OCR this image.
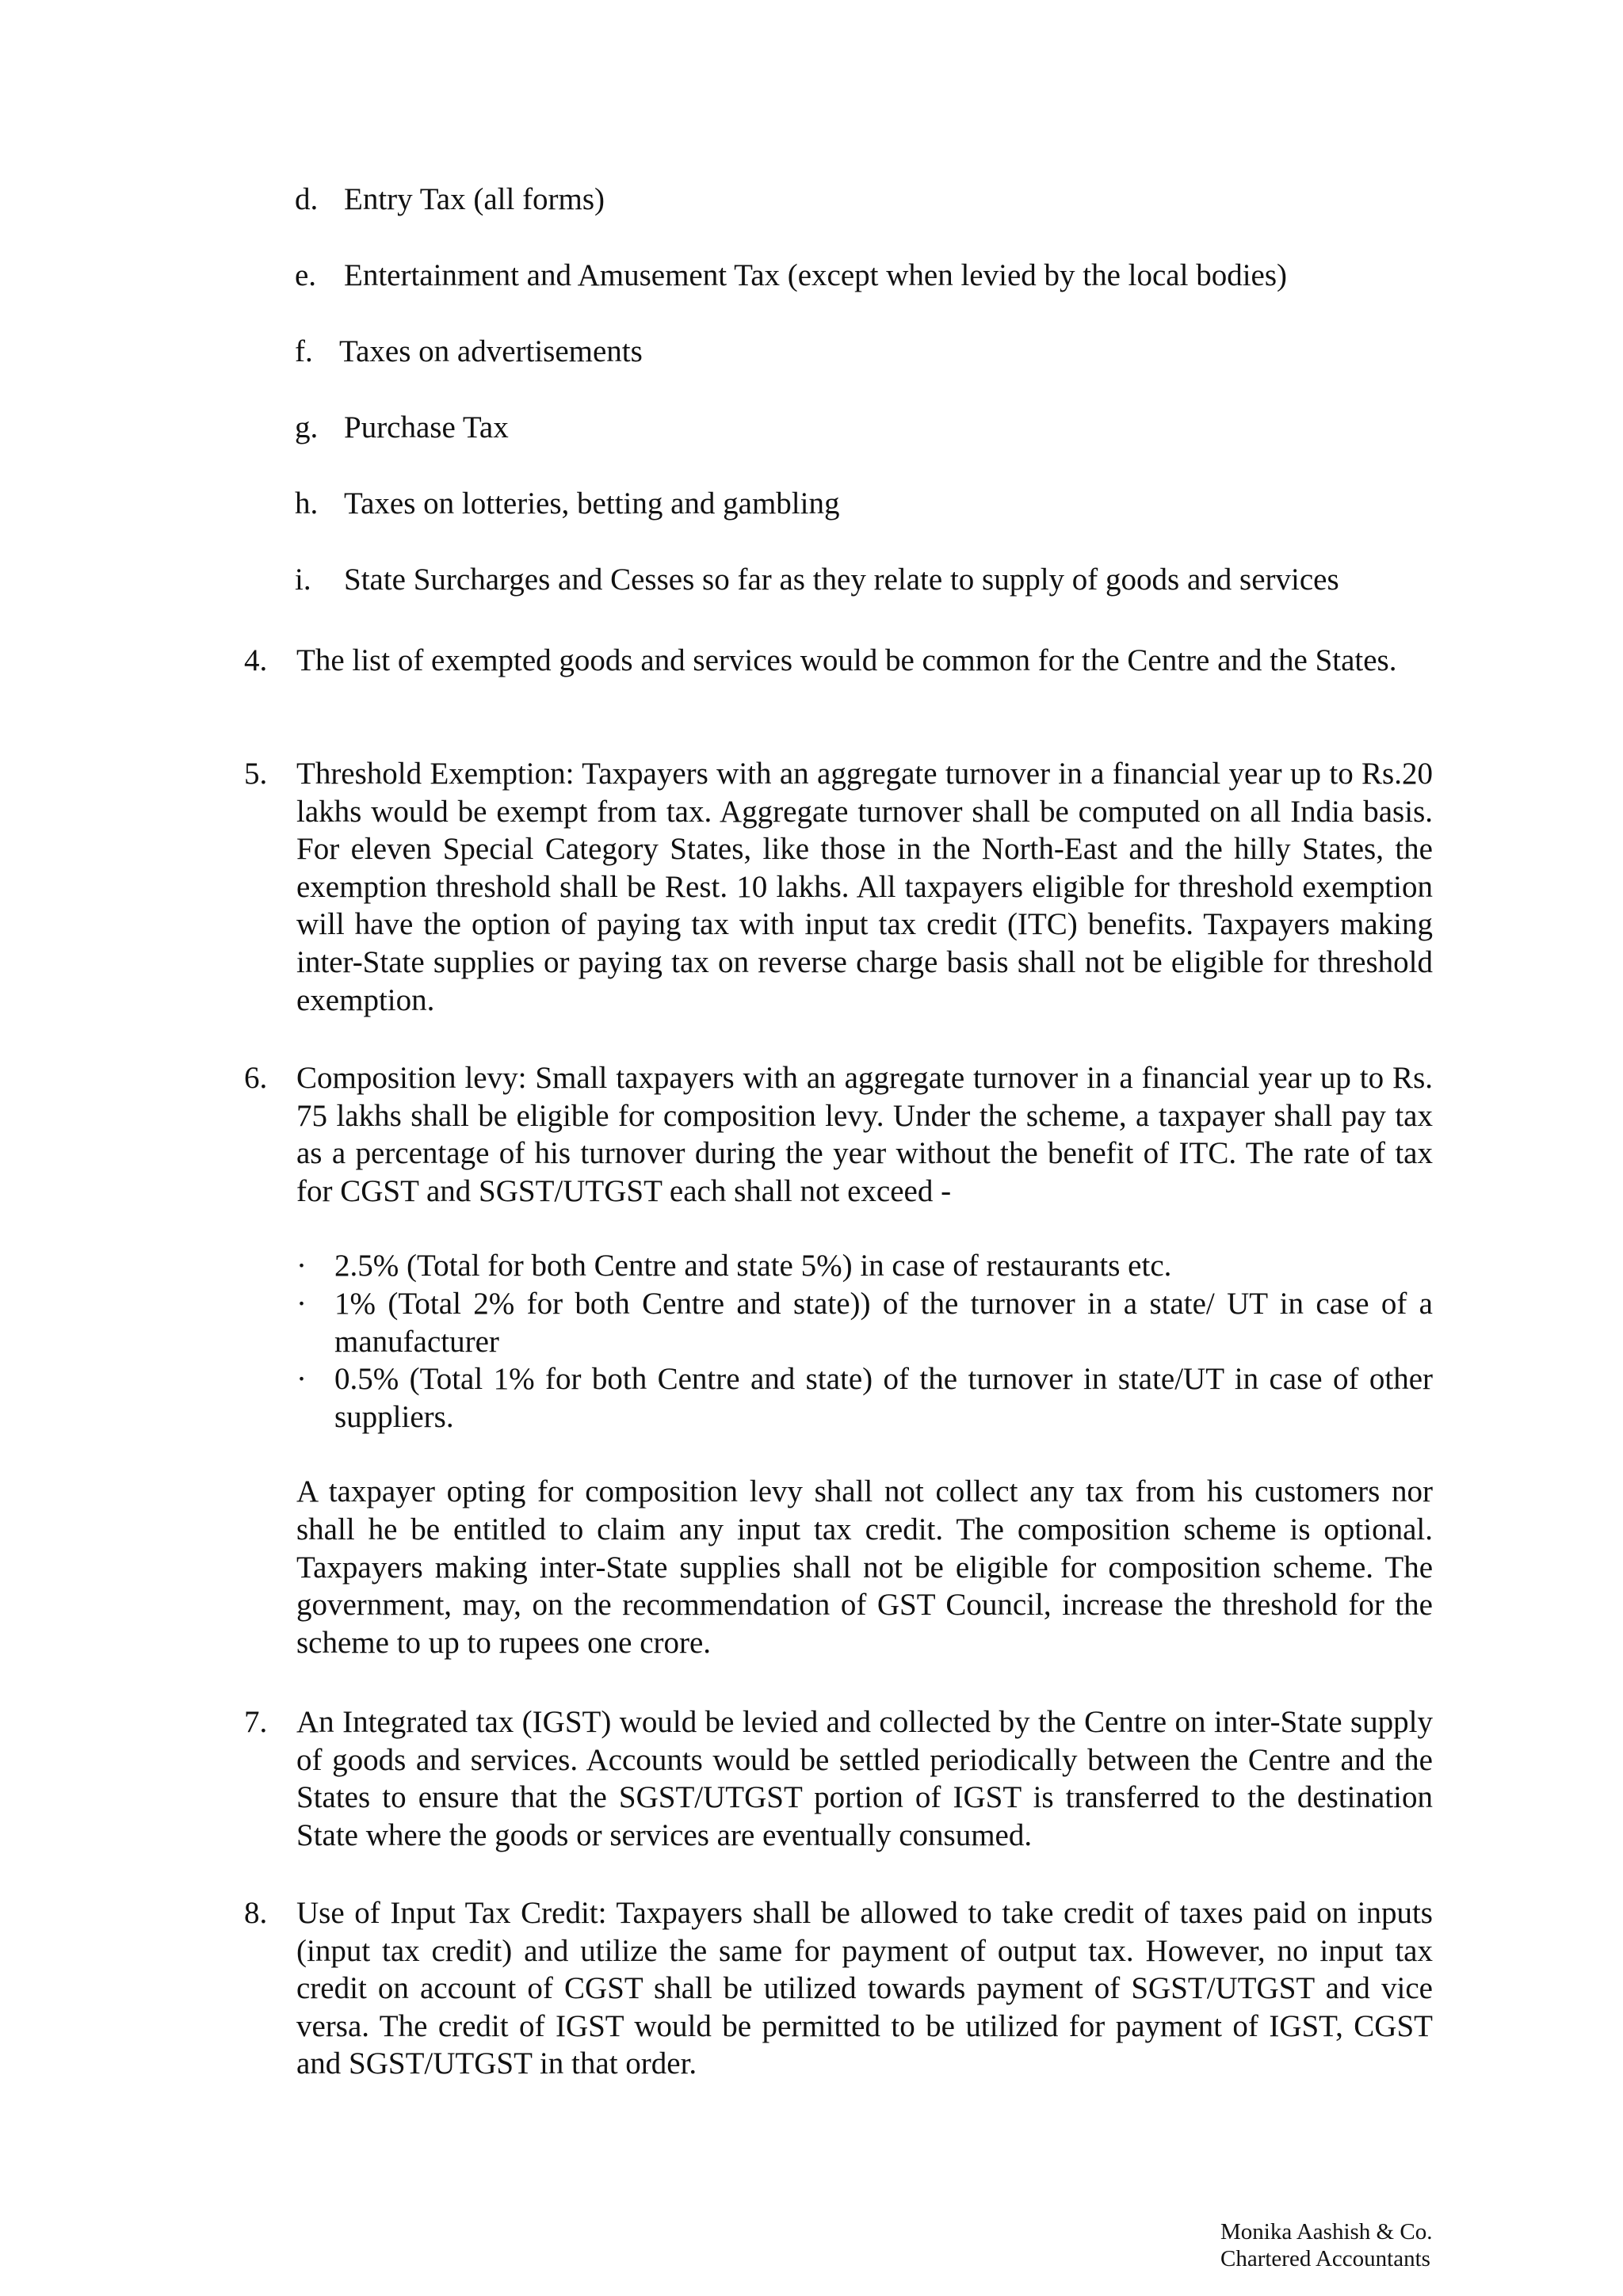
d. Entry Tax (all forms)
e. Entertainment and Amusement Tax (except when levied by the local bodies)
f. Taxes on advertisements
g. Purchase Tax
h. Taxes on lotteries, betting and gambling
i. State Surcharges and Cesses so far as they relate to supply of goods and services
4. The list of exempted goods and services would be common for the Centre and the States.

5. Threshold Exemption: Taxpayers with an aggregate turnover in a financial year up to Rs.20 lakhs would be exempt from tax. Aggregate turnover shall be computed on all India basis. For eleven Special Category States, like those in the North-East and the hilly States, the exemption threshold shall be Rest. 10 lakhs. All taxpayers eligible for threshold exemption will have the option of paying tax with input tax credit (ITC) benefits. Taxpayers making inter-State supplies or paying tax on reverse charge basis shall not be eligible for threshold exemption.

6. Composition levy: Small taxpayers with an aggregate turnover in a financial year up to Rs. 75 lakhs shall be eligible for composition levy. Under the scheme, a taxpayer shall pay tax as a percentage of his turnover during the year without the benefit of ITC. The rate of tax for CGST and SGST/UTGST each shall not exceed -

· 2.5% (Total for both Centre and state 5%) in case of restaurants etc.
· 1% (Total 2% for both Centre and state)) of the turnover in a state/ UT in case of a manufacturer
· 0.5% (Total 1% for both Centre and state) of the turnover in state/UT in case of other suppliers.

A taxpayer opting for composition levy shall not collect any tax from his customers nor shall he be entitled to claim any input tax credit. The composition scheme is optional. Taxpayers making inter-State supplies shall not be eligible for composition scheme. The government, may, on the recommendation of GST Council, increase the threshold for the scheme to up to rupees one crore.

7. An Integrated tax (IGST) would be levied and collected by the Centre on inter-State supply of goods and services. Accounts would be settled periodically between the Centre and the States to ensure that the SGST/UTGST portion of IGST is transferred to the destination State where the goods or services are eventually consumed.

8. Use of Input Tax Credit: Taxpayers shall be allowed to take credit of taxes paid on inputs (input tax credit) and utilize the same for payment of output tax. However, no input tax credit on account of CGST shall be utilized towards payment of SGST/UTGST and vice versa. The credit of IGST would be permitted to be utilized for payment of IGST, CGST and SGST/UTGST in that order.

Monika Aashish & Co.
Chartered Accountants
